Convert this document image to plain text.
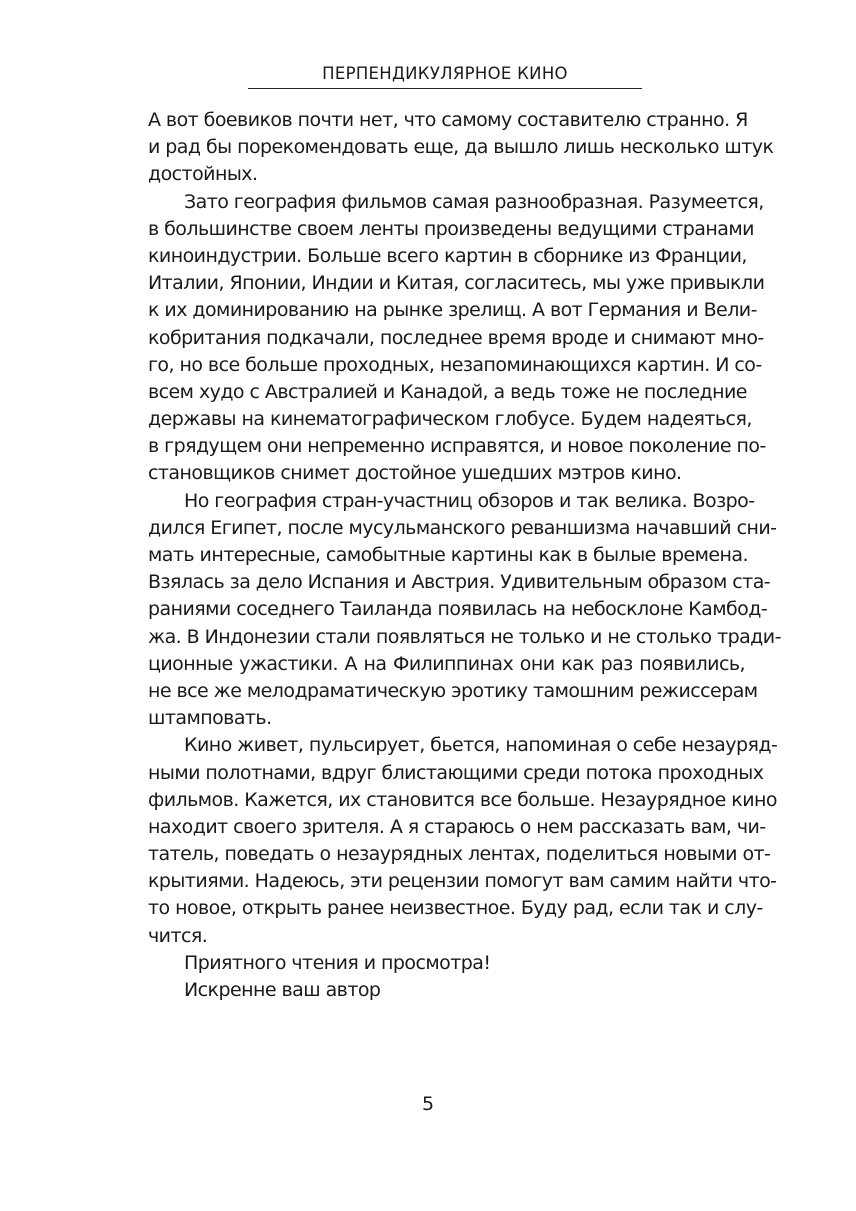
ПЕРПЕНДИКУЛЯРНОЕ КИНО
А вот боевиков почти нет, что самому составителю странно. Я
и рад бы порекомендовать еще, да вышло лишь несколько штук
достойных.
Зато география фильмов самая разнообразная. Разумеется,
в большинстве своем ленты произведены ведущими странами
киноиндустрии. Больше всего картин в сборнике из Франции,
Италии, Японии, Индии и Китая, согласитесь, мы уже привыкли
к их доминированию на рынке зрелищ. А вот Германия и Вели-
кобритания подкачали, последнее время вроде и снимают мно-
го, но все больше проходных, незапоминающихся картин. И со-
всем худо с Австралией и Канадой, а ведь тоже не последние
державы на кинематографическом глобусе. Будем надеяться,
в грядущем они непременно исправятся, и новое поколение по-
становщиков снимет достойное ушедших мэтров кино.
Но география стран-участниц обзоров и так велика. Возро-
дился Египет, после мусульманского реваншизма начавший сни-
мать интересные, самобытные картины как в былые времена.
Взялась за дело Испания и Австрия. Удивительным образом ста-
раниями соседнего Таиланда появилась на небосклоне Камбод-
жа. В Индонезии стали появляться не только и не столько тради-
ционные ужастики. А на Филиппинах они как раз появились,
не все же мелодраматическую эротику тамошним режиссерам
штамповать.
Кино живет, пульсирует, бьется, напоминая о себе незауряд-
ными полотнами, вдруг блистающими среди потока проходных
фильмов. Кажется, их становится все больше. Незаурядное кино
находит своего зрителя. А я стараюсь о нем рассказать вам, чи-
татель, поведать о незаурядных лентах, поделиться новыми от-
крытиями. Надеюсь, эти рецензии помогут вам самим найти что-
то новое, открыть ранее неизвестное. Буду рад, если так и слу-
чится.
Приятного чтения и просмотра!
Искренне ваш автор
5
